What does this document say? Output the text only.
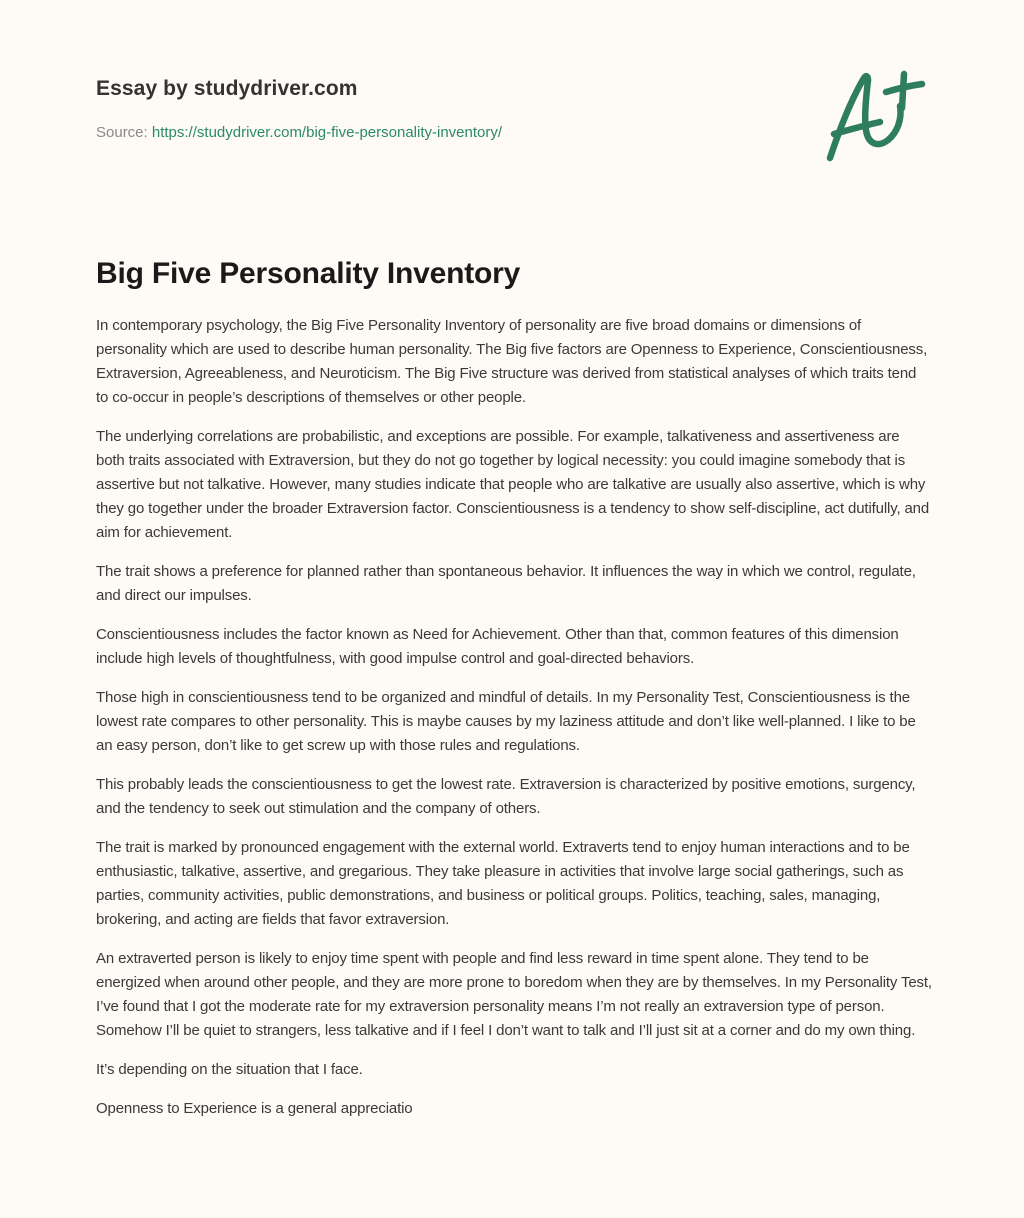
Essay by studydriver.com
Source: https://studydriver.com/big-five-personality-inventory/
Big Five Personality Inventory

In contemporary psychology, the Big Five Personality Inventory of personality are five broad domains or dimensions of personality which are used to describe human personality. The Big five factors are Openness to Experience, Conscientiousness, Extraversion, Agreeableness, and Neuroticism. The Big Five structure was derived from statistical analyses of which traits tend to co-occur in people’s descriptions of themselves or other people.

The underlying correlations are probabilistic, and exceptions are possible. For example, talkativeness and assertiveness are both traits associated with Extraversion, but they do not go together by logical necessity: you could imagine somebody that is assertive but not talkative. However, many studies indicate that people who are talkative are usually also assertive, which is why they go together under the broader Extraversion factor. Conscientiousness is a tendency to show self-discipline, act dutifully, and aim for achievement.

The trait shows a preference for planned rather than spontaneous behavior. It influences the way in which we control, regulate, and direct our impulses.

Conscientiousness includes the factor known as Need for Achievement. Other than that, common features of this dimension include high levels of thoughtfulness, with good impulse control and goal-directed behaviors.

Those high in conscientiousness tend to be organized and mindful of details. In my Personality Test, Conscientiousness is the lowest rate compares to other personality. This is maybe causes by my laziness attitude and don’t like well-planned. I like to be an easy person, don’t like to get screw up with those rules and regulations.

This probably leads the conscientiousness to get the lowest rate. Extraversion is characterized by positive emotions, surgency, and the tendency to seek out stimulation and the company of others.

The trait is marked by pronounced engagement with the external world. Extraverts tend to enjoy human interactions and to be enthusiastic, talkative, assertive, and gregarious. They take pleasure in activities that involve large social gatherings, such as parties, community activities, public demonstrations, and business or political groups. Politics, teaching, sales, managing, brokering, and acting are fields that favor extraversion.

An extraverted person is likely to enjoy time spent with people and find less reward in time spent alone. They tend to be energized when around other people, and they are more prone to boredom when they are by themselves. In my Personality Test, I’ve found that I got the moderate rate for my extraversion personality means I’m not really an extraversion type of person. Somehow I’ll be quiet to strangers, less talkative and if I feel I don’t want to talk and I’ll just sit at a corner and do my own thing.

It’s depending on the situation that I face.

Openness to Experience is a general appreciatio
